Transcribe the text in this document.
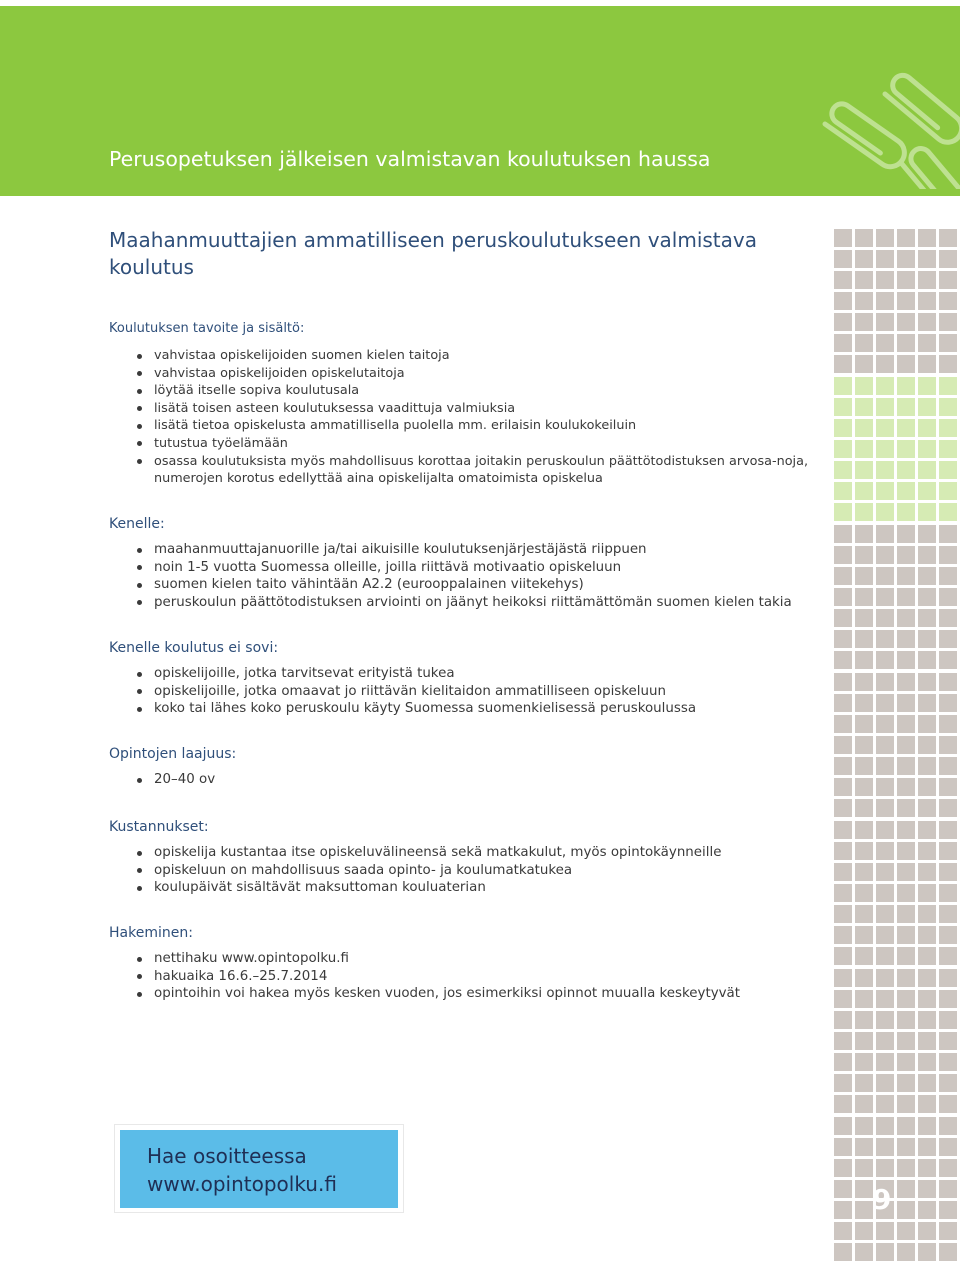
Perusopetuksen jälkeisen valmistavan koulutuksen haussa
Maahanmuuttajien ammatilliseen peruskoulutukseen valmistava koulutus
Koulutuksen tavoite ja sisältö:
vahvistaa opiskelijoiden suomen kielen taitoja
vahvistaa opiskelijoiden opiskelutaitoja
löytää itselle sopiva koulutusala
lisätä toisen asteen koulutuksessa vaadittuja valmiuksia
lisätä tietoa opiskelusta ammatillisella puolella mm. erilaisin koulukokeiluin
tutustua työelämään
osassa koulutuksista myös mahdollisuus korottaa joitakin peruskoulun päättötodistuksen arvosa-noja, numerojen korotus edellyttää aina opiskelijalta omatoimista opiskelua
Kenelle:
maahanmuuttajanuorille ja/tai aikuisille koulutuksenjärjestäjästä riippuen
noin 1-5 vuotta Suomessa olleille, joilla riittävä motivaatio opiskeluun
suomen kielen taito vähintään A2.2 (eurooppalainen viitekehys)
peruskoulun päättötodistuksen arviointi on jäänyt heikoksi riittämättömän suomen kielen takia
Kenelle koulutus ei sovi:
opiskelijoille, jotka tarvitsevat erityistä tukea
opiskelijoille, jotka omaavat jo riittävän kielitaidon ammatilliseen opiskeluun
koko tai lähes koko peruskoulu käyty Suomessa suomenkielisessä peruskoulussa
Opintojen laajuus:
20–40 ov
Kustannukset:
opiskelija kustantaa itse opiskeluvälineensä sekä matkakulut, myös opintokäynneille
opiskeluun on mahdollisuus saada opinto- ja koulumatkatukea
koulupäivät sisältävät maksuttoman kouluaterian
Hakeminen:
nettihaku www.opintopolku.fi
hakuaika 16.6.–25.7.2014
opintoihin voi hakea myös kesken vuoden, jos esimerkiksi opinnot muualla keskeytyvät
Hae osoitteessa
www.opintopolku.fi	9
